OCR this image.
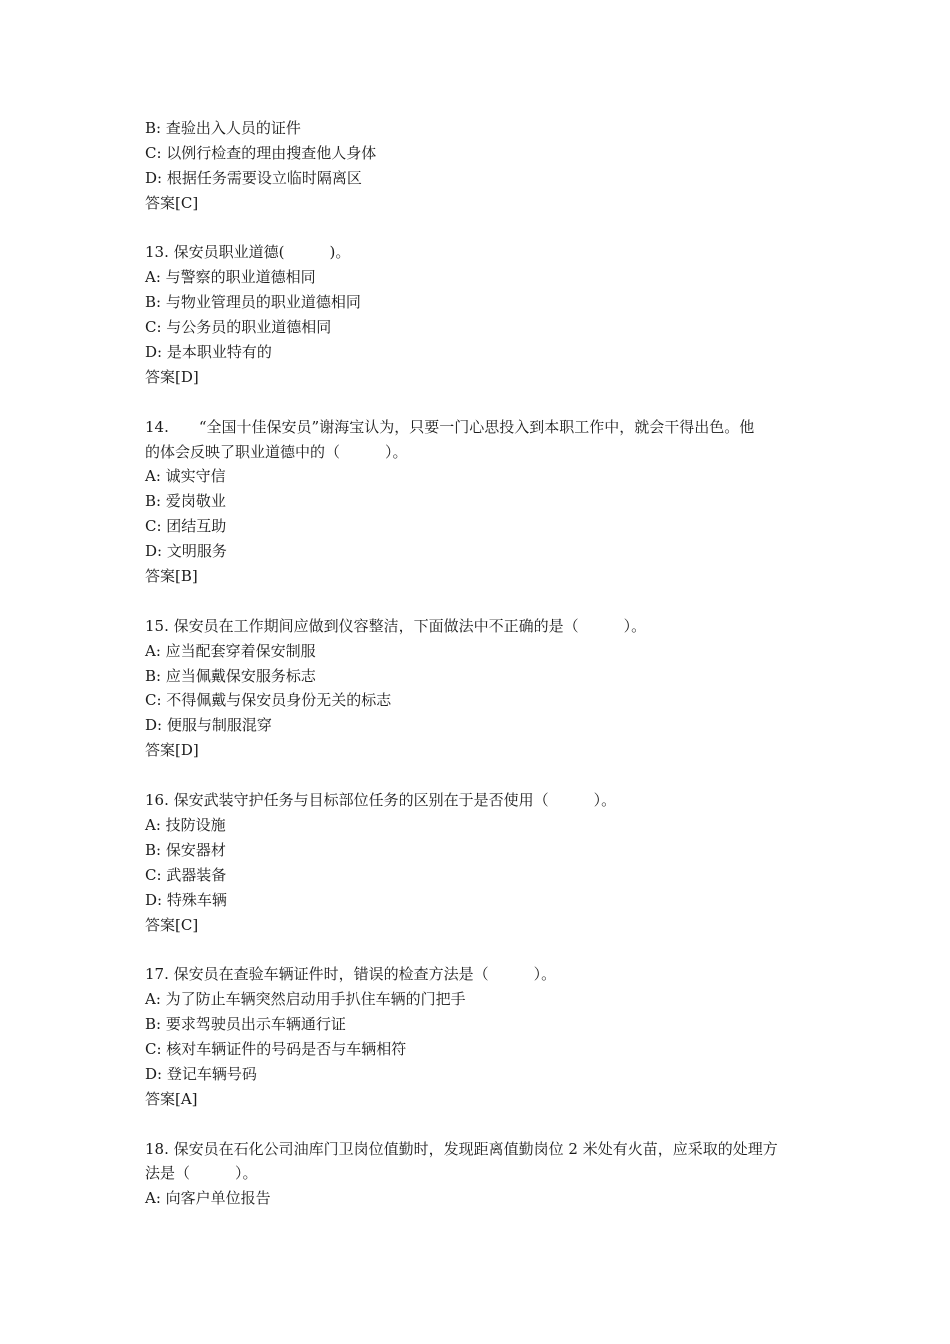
B: 查验出入人员的证件
C: 以例行检查的理由搜查他人身体
D: 根据任务需要设立临时隔离区
答案[C]
13. 保安员职业道德(　　　)。
A: 与警察的职业道德相同
B: 与物业管理员的职业道德相同
C: 与公务员的职业道德相同
D: 是本职业特有的
答案[D]
14.　　“全国十佳保安员”谢海宝认为，只要一门心思投入到本职工作中，就会干得出色。他
的体会反映了职业道德中的（　　　）。
A: 诚实守信
B: 爱岗敬业
C: 团结互助
D: 文明服务
答案[B]
15. 保安员在工作期间应做到仪容整洁，下面做法中不正确的是（　　　）。
A: 应当配套穿着保安制服
B: 应当佩戴保安服务标志
C: 不得佩戴与保安员身份无关的标志
D: 便服与制服混穿
答案[D]
16. 保安武装守护任务与目标部位任务的区别在于是否使用（　　　）。
A: 技防设施
B: 保安器材
C: 武器装备
D: 特殊车辆
答案[C]
17. 保安员在查验车辆证件时，错误的检查方法是（　　　）。
A: 为了防止车辆突然启动用手扒住车辆的门把手
B: 要求驾驶员出示车辆通行证
C: 核对车辆证件的号码是否与车辆相符
D: 登记车辆号码
答案[A]
18. 保安员在石化公司油库门卫岗位值勤时，发现距离值勤岗位 2 米处有火苗，应采取的处理方
法是（　　　）。
A: 向客户单位报告
